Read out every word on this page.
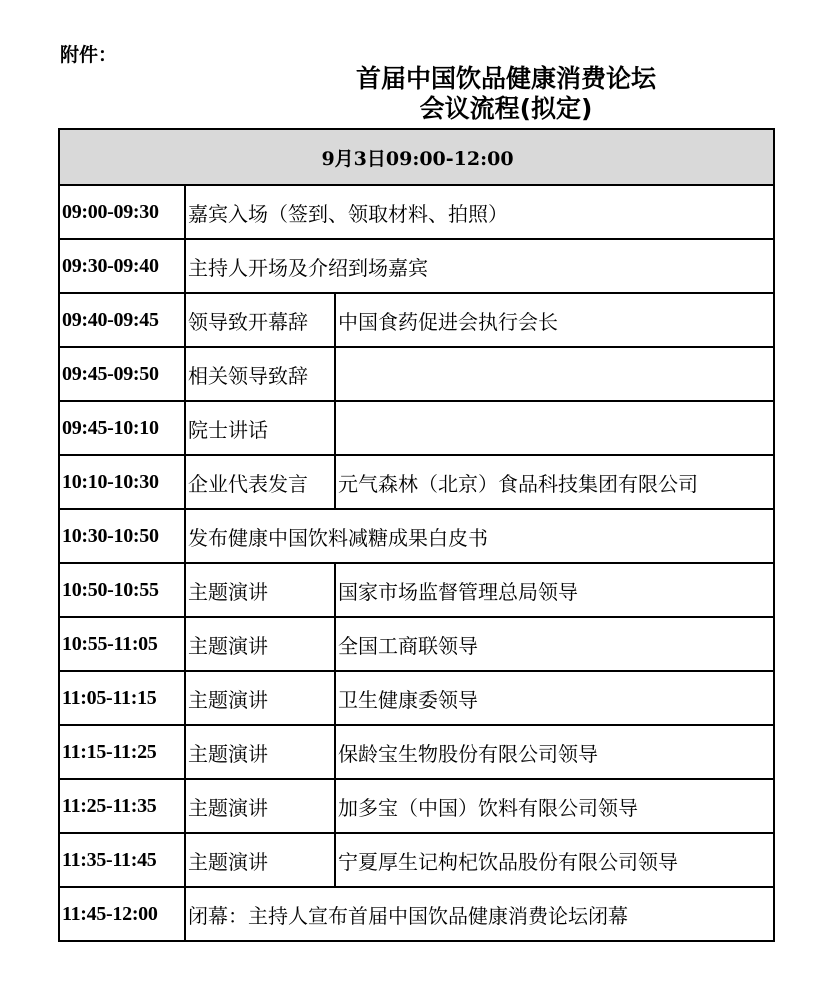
附件：
首届中国饮品健康消费论坛
会议流程(拟定)
9月3日09:00-12:00		
09:00-09:30	嘉宾入场（签到、领取材料、拍照）	
09:30-09:40	主持人开场及介绍到场嘉宾	
09:40-09:45	领导致开幕辞	中国食药促进会执行会长
09:45-09:50	相关领导致辞	
09:45-10:10	院士讲话	
10:10-10:30	企业代表发言	元气森林（北京）食品科技集团有限公司
10:30-10:50	发布健康中国饮料减糖成果白皮书	
10:50-10:55	主题演讲	国家市场监督管理总局领导
10:55-11:05	主题演讲	全国工商联领导
11:05-11:15	主题演讲	卫生健康委领导
11:15-11:25	主题演讲	保龄宝生物股份有限公司领导
11:25-11:35	主题演讲	加多宝（中国）饮料有限公司领导
11:35-11:45	主题演讲	宁夏厚生记枸杞饮品股份有限公司领导
11:45-12:00	闭幕：主持人宣布首届中国饮品健康消费论坛闭幕	
